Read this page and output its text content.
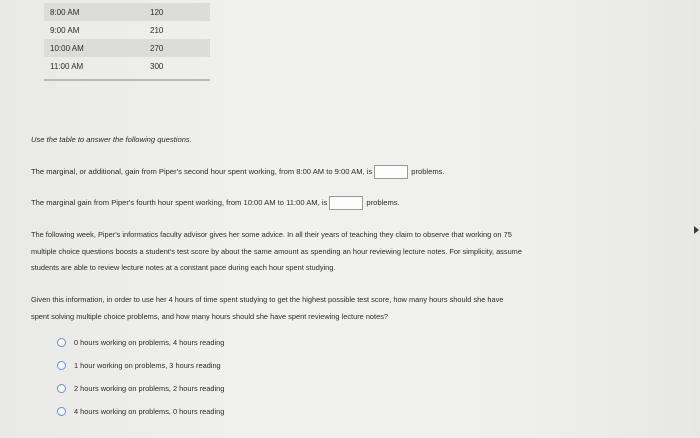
8:00 AM	120
9:00 AM	210
10:00 AM	270
11:00 AM	300
Use the table to answer the following questions.
The marginal, or additional, gain from Piper's second hour spent working, from 8:00 AM to 9:00 AM, is	problems.
The marginal gain from Piper's fourth hour spent working, from 10:00 AM to 11:00 AM, is	problems.
The following week, Piper's informatics faculty advisor gives her some advice. In all their years of teaching they claim to observe that working on 75
multiple choice questions boosts a student's test score by about the same amount as spending an hour reviewing lecture notes. For simplicity, assume
students are able to review lecture notes at a constant pace during each hour spent studying.
Given this information, in order to use her 4 hours of time spent studying to get the highest possible test score, how many hours should she have
spent solving multiple choice problems, and how many hours should she have spent reviewing lecture notes?
0 hours working on problems, 4 hours reading
1 hour working on problems, 3 hours reading
2 hours working on problems, 2 hours reading
4 hours working on problems, 0 hours reading
